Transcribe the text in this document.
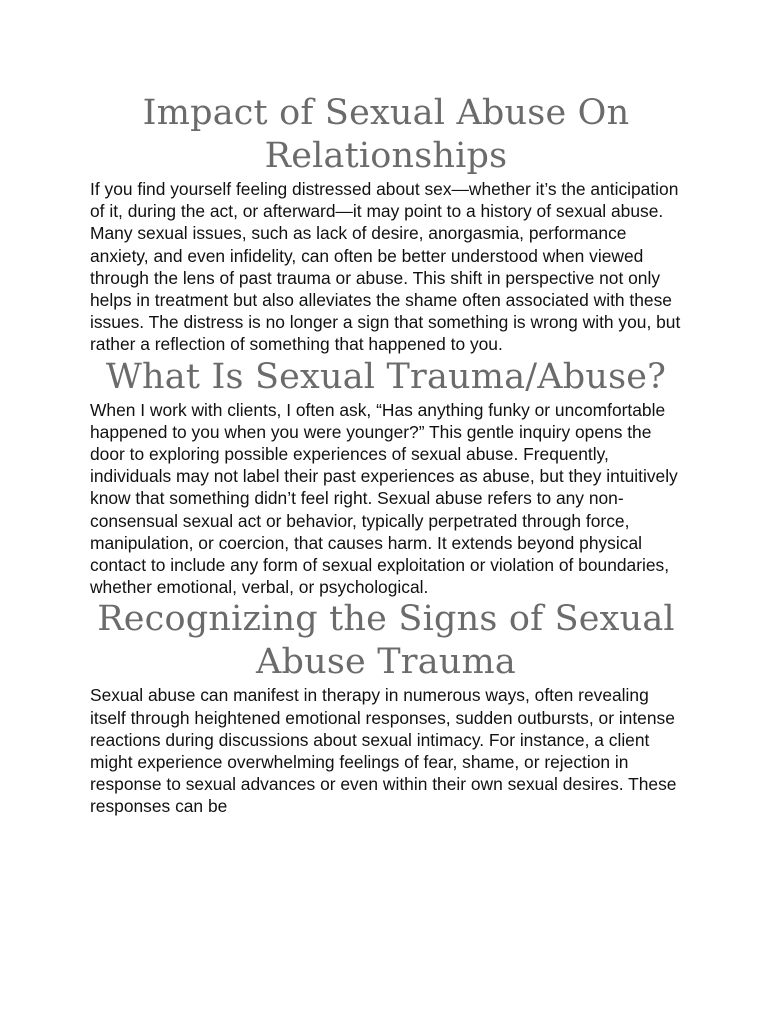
Impact of Sexual Abuse On Relationships

If you find yourself feeling distressed about sex—whether it’s the anticipation of it, during the act, or afterward—it may point to a history of sexual abuse. Many sexual issues, such as lack of desire, anorgasmia, performance anxiety, and even infidelity, can often be better understood when viewed through the lens of past trauma or abuse. This shift in perspective not only helps in treatment but also alleviates the shame often associated with these issues. The distress is no longer a sign that something is wrong with you, but rather a reflection of something that happened to you.

What Is Sexual Trauma/Abuse?

When I work with clients, I often ask, “Has anything funky or uncomfortable happened to you when you were younger?” This gentle inquiry opens the door to exploring possible experiences of sexual abuse. Frequently, individuals may not label their past experiences as abuse, but they intuitively know that something didn’t feel right. Sexual abuse refers to any non-consensual sexual act or behavior, typically perpetrated through force, manipulation, or coercion, that causes harm. It extends beyond physical contact to include any form of sexual exploitation or violation of boundaries, whether emotional, verbal, or psychological.

Recognizing the Signs of Sexual Abuse Trauma

Sexual abuse can manifest in therapy in numerous ways, often revealing itself through heightened emotional responses, sudden outbursts, or intense reactions during discussions about sexual intimacy. For instance, a client might experience overwhelming feelings of fear, shame, or rejection in response to sexual advances or even within their own sexual desires. These responses can be
